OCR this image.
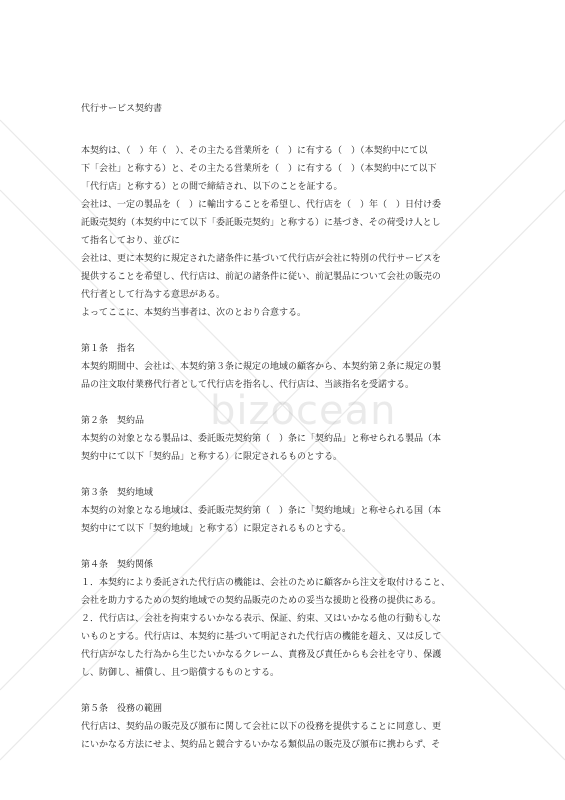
bizocean
代行サービス契約書
本契約は、（　）年（　）、その主たる営業所を（　）に有する（　）（本契約中にて以
下「会社」と称する）と、その主たる営業所を（　）に有する（　）（本契約中にて以下
「代行店」と称する）との間で締結され、以下のことを証する。
会社は、一定の製品を（　）に輸出することを希望し、代行店を（　）年（　）日付け委
託販売契約（本契約中にて以下「委託販売契約」と称する）に基づき、その荷受け人とし
て指名しており、並びに
会社は、更に本契約に規定された諸条件に基づいて代行店が会社に特別の代行サービスを
提供することを希望し、代行店は、前記の諸条件に従い、前記製品について会社の販売の
代行者として行為する意思がある。
よってここに、本契約当事者は、次のとおり合意する。
第１条　指名
本契約期間中、会社は、本契約第３条に規定の地域の顧客から、本契約第２条に規定の製
品の注文取付業務代行者として代行店を指名し、代行店は、当該指名を受諾する。
第２条　契約品
本契約の対象となる製品は、委託販売契約第（　）条に「契約品」と称せられる製品（本
契約中にて以下「契約品」と称する）に限定されるものとする。
第３条　契約地域
本契約の対象となる地域は、委託販売契約第（　）条に「契約地域」と称せられる国（本
契約中にて以下「契約地域」と称する）に限定されるものとする。
第４条　契約関係
１．本契約により委託された代行店の機能は、会社のために顧客から注文を取付けること、
会社を助力するための契約地域での契約品販売のための妥当な援助と役務の提供にある。
２．代行店は、会社を拘束するいかなる表示、保証、約束、又はいかなる他の行動もしな
いものとする。代行店は、本契約に基づいて明記された代行店の機能を超え、又は反して
代行店がなした行為から生じたいかなるクレーム、責務及び責任からも会社を守り、保護
し、防御し、補償し、且つ賠償するものとする。
第５条　役務の範囲
代行店は、契約品の販売及び頒布に関して会社に以下の役務を提供することに同意し、更
にいかなる方法にせよ、契約品と競合するいかなる類似品の販売及び頒布に携わらず、そ
